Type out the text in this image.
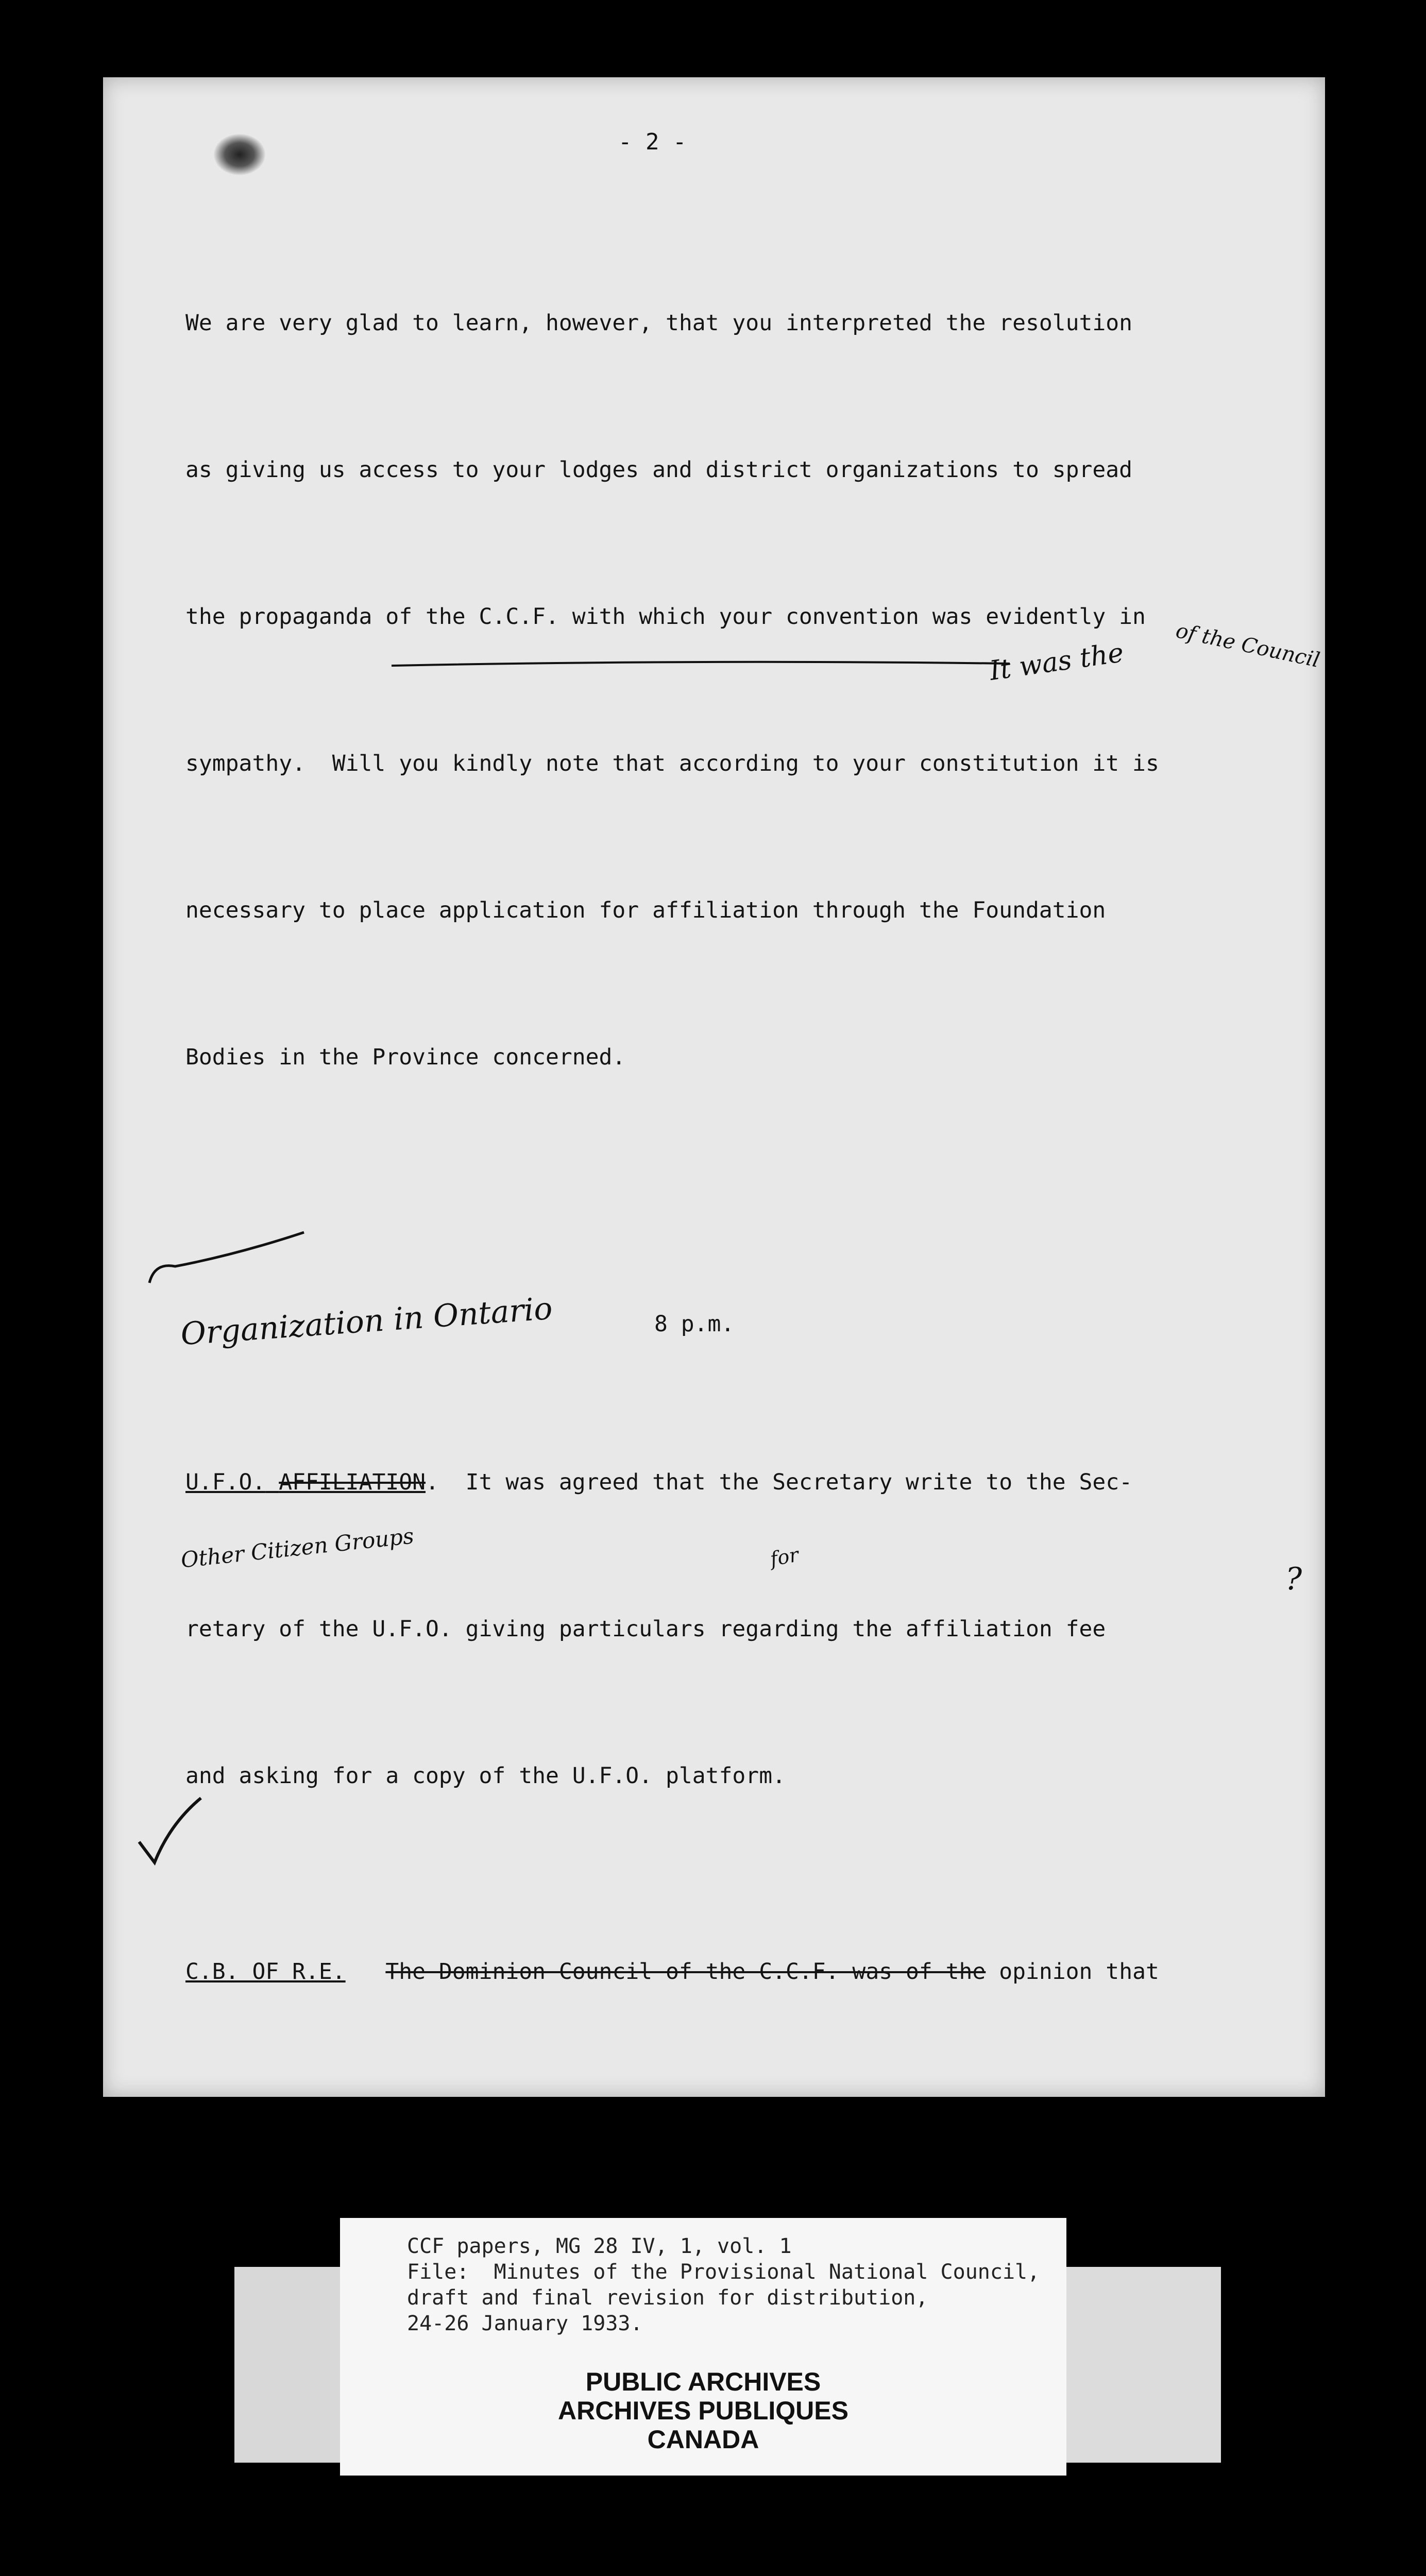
- 2 -

We are very glad to learn, however, that you interpreted the resolution

as giving us access to your lodges and district organizations to spread

the propaganda of the C.C.F. with which your convention was evidently in

sympathy.  Will you kindly note that according to your constitution it is

necessary to place application for affiliation through the Foundation

Bodies in the Province concerned.

U.F.O. AFFILIATION.  It was agreed that the Secretary write to the Sec-

retary of the U.F.O. giving particulars regarding the affiliation fee

and asking for a copy of the U.F.O. platform.

C.B. OF R.E. The Dominion Council of the C.C.F. was of the opinion that

8 p.m.
It was the of the Council
Organization in Ontario
Other Citizen Groups	for
?
CCF papers, MG 28 IV, 1, vol. 1
File:  Minutes of the Provisional National Council,
draft and final revision for distribution,
24-26 January 1933.
PUBLIC ARCHIVES
ARCHIVES PUBLIQUES
CANADA
